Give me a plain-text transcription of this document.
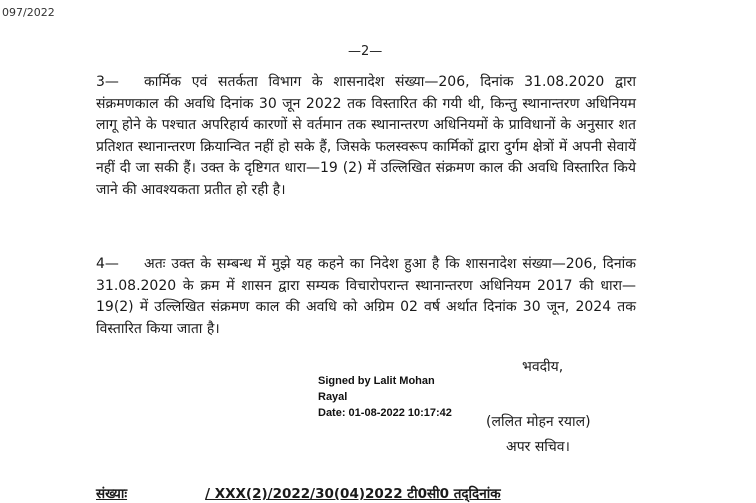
097/2022
—2—
3— कार्मिक एवं सतर्कता विभाग के शासनादेश संख्या—206, दिनांक 31.08.2020 द्वारा संक्रमणकाल की अवधि दिनांक 30 जून 2022 तक विस्तारित की गयी थी, किन्तु स्थानान्तरण अधिनियम लागू होने के पश्चात अपरिहार्य कारणों से वर्तमान तक स्थानान्तरण अधिनियमों के प्राविधानों के अनुसार शत प्रतिशत स्थानान्तरण क्रियान्वित नहीं हो सके हैं, जिसके फलस्वरूप कार्मिकों द्वारा दुर्गम क्षेत्रों में अपनी सेवायें नहीं दी जा सकी हैं। उक्त के दृष्टिगत धारा—19 (2) में उल्लिखित संक्रमण काल की अवधि विस्तारित किये जाने की आवश्यकता प्रतीत हो रही है।
4— अतः उक्त के सम्बन्ध में मुझे यह कहने का निदेश हुआ है कि शासनादेश संख्या—206, दिनांक 31.08.2020 के क्रम में शासन द्वारा सम्यक विचारोपरान्त स्थानान्तरण अधिनियम 2017 की धारा—19(2) में उल्लिखित संक्रमण काल की अवधि को अग्रिम 02 वर्ष अर्थात दिनांक 30 जून, 2024 तक विस्तारित किया जाता है।
भवदीय,
Signed by Lalit Mohan
Rayal
Date: 01-08-2022 10:17:42
(ललित मोहन रयाल)
अपर सचिव।
संख्याः	/ XXX(2)/2022/30(04)2022 टी0सी0 तद्‌दिनांक
